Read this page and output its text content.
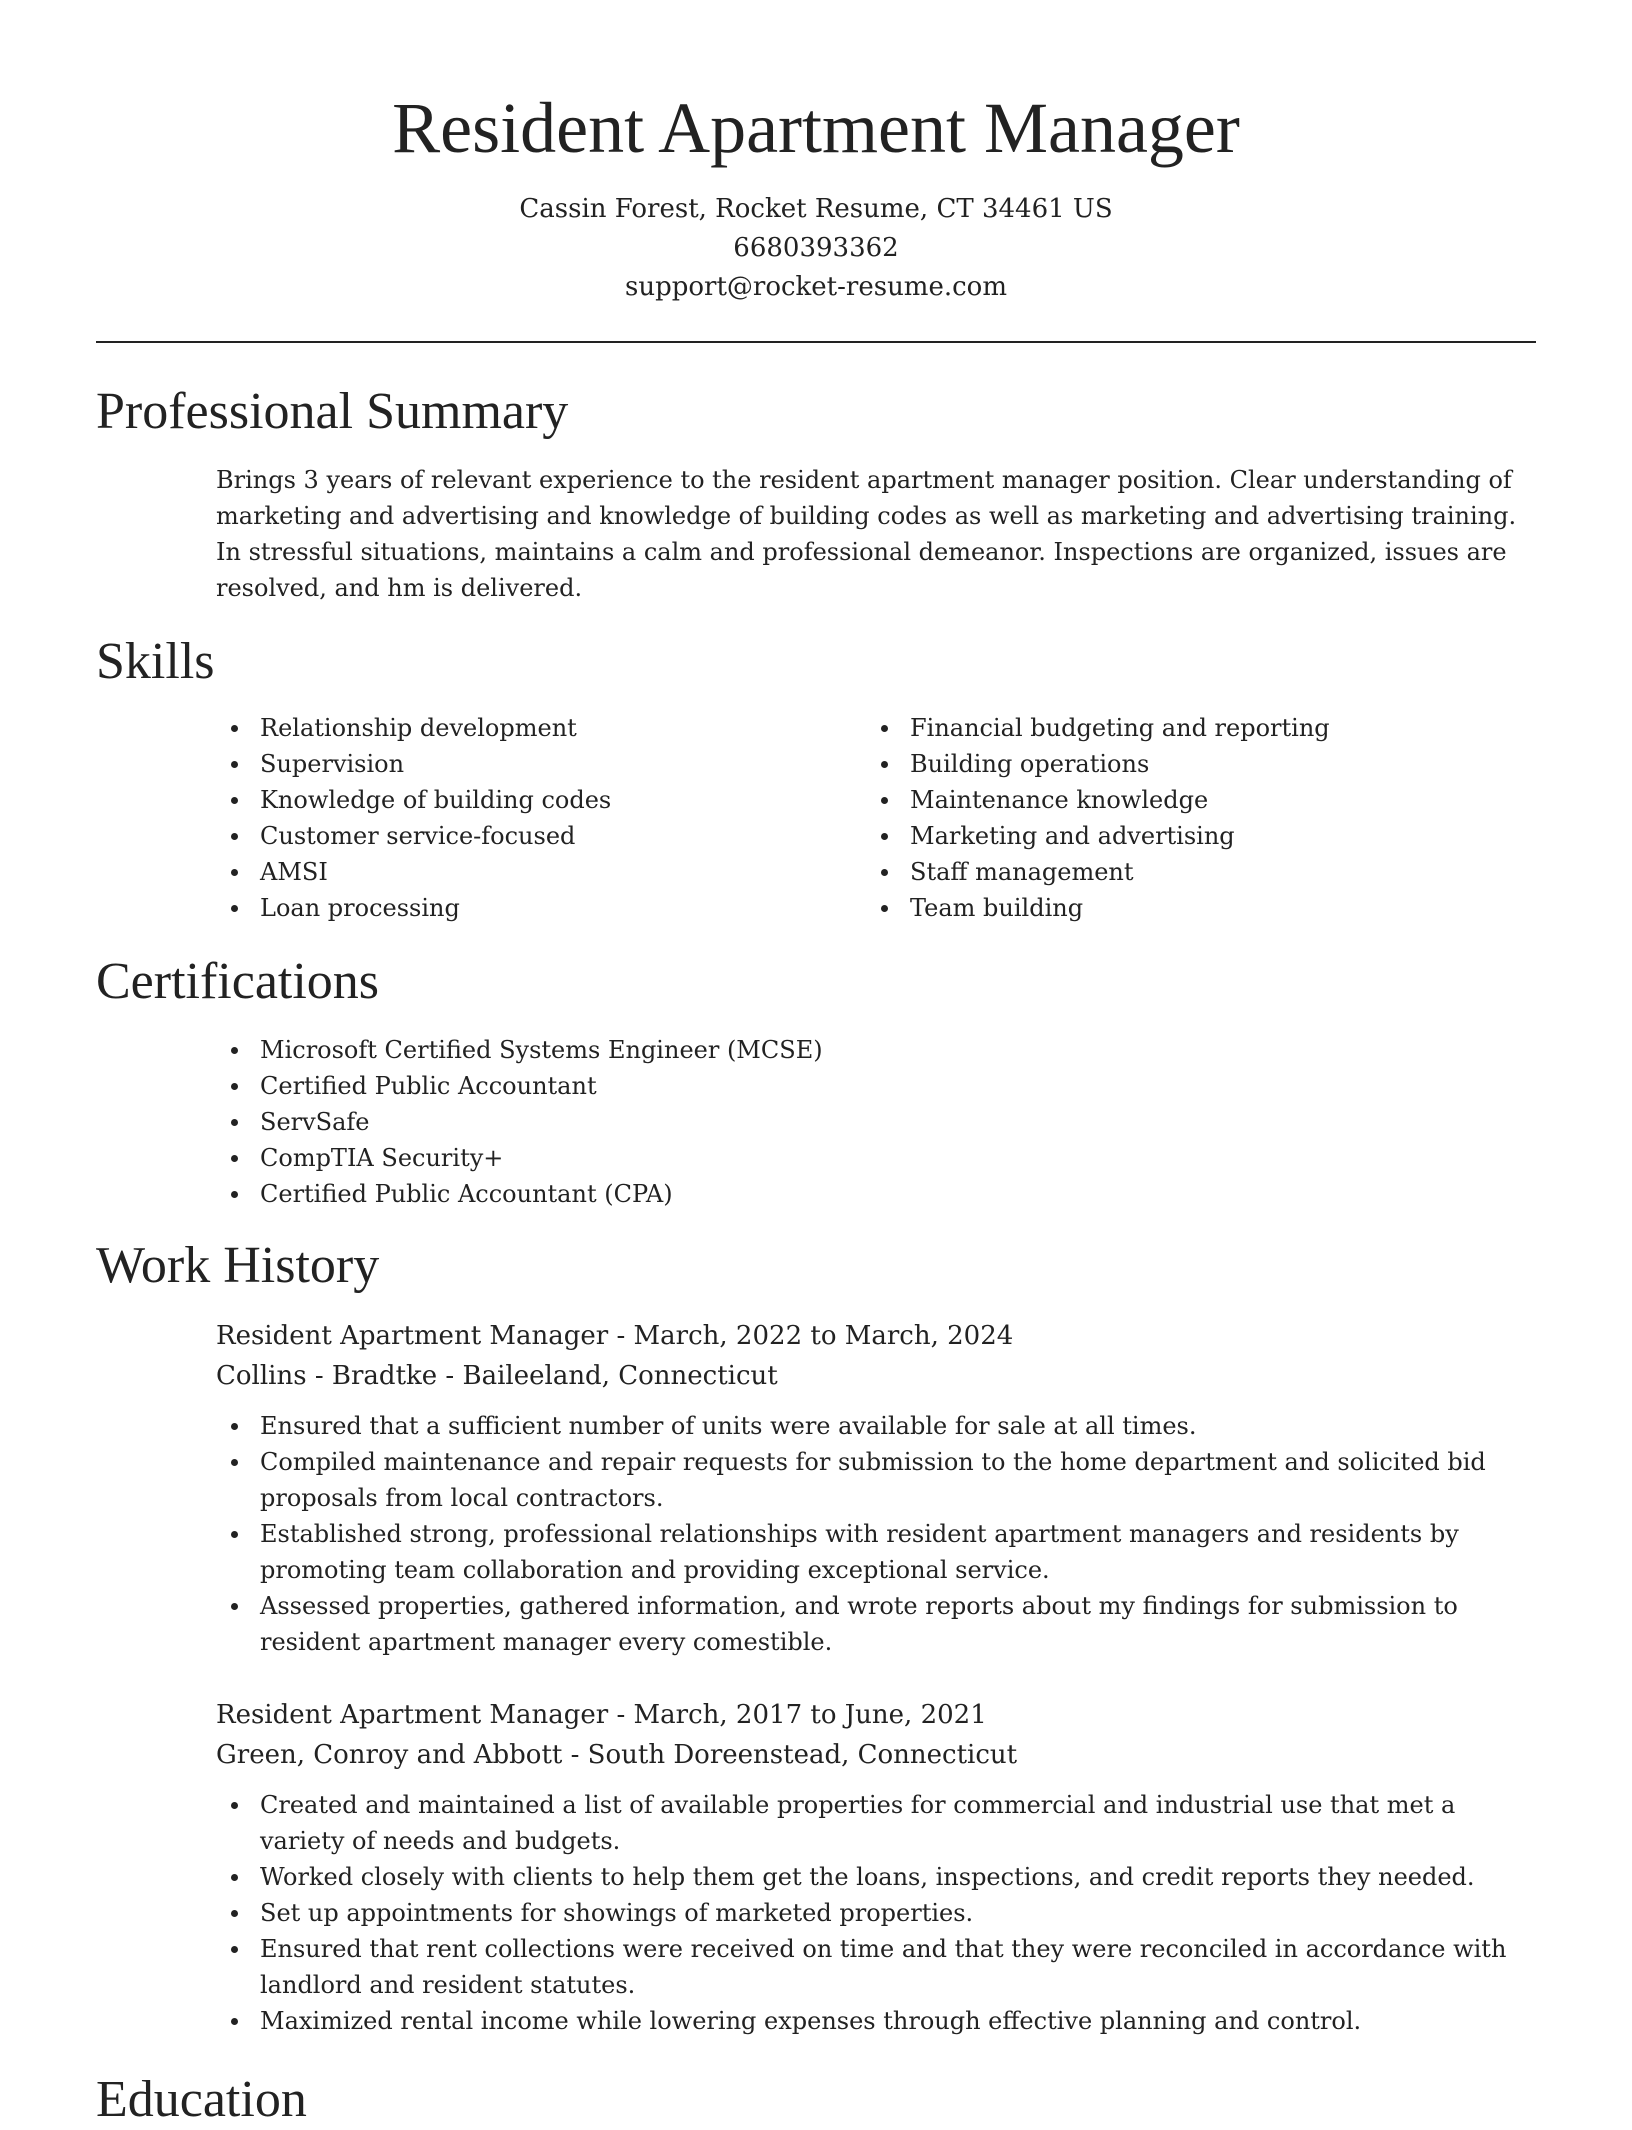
Resident Apartment Manager
Cassin Forest, Rocket Resume, CT 34461 US
6680393362
support@rocket-resume.com
Professional Summary

Brings 3 years of relevant experience to the resident apartment manager position. Clear understanding of marketing and advertising and knowledge of building codes as well as marketing and advertising training. In stressful situations, maintains a calm and professional demeanor. Inspections are organized, issues are resolved, and hm is delivered.

Skills
Relationship development
Supervision
Knowledge of building codes
Customer service-focused
AMSI
Loan processing
Financial budgeting and reporting
Building operations
Maintenance knowledge
Marketing and advertising
Staff management
Team building
Certifications
Microsoft Certified Systems Engineer (MCSE)
Certified Public Accountant
ServSafe
CompTIA Security+
Certified Public Accountant (CPA)
Work History
Resident Apartment Manager - March, 2022 to March, 2024
Collins - Bradtke - Baileeland, Connecticut
Ensured that a sufficient number of units were available for sale at all times.
Compiled maintenance and repair requests for submission to the home department and solicited bid proposals from local contractors.
Established strong, professional relationships with resident apartment managers and residents by promoting team collaboration and providing exceptional service.
Assessed properties, gathered information, and wrote reports about my findings for submission to resident apartment manager every comestible.
Resident Apartment Manager - March, 2017 to June, 2021
Green, Conroy and Abbott - South Doreenstead, Connecticut
Created and maintained a list of available properties for commercial and industrial use that met a variety of needs and budgets.
Worked closely with clients to help them get the loans, inspections, and credit reports they needed.
Set up appointments for showings of marketed properties.
Ensured that rent collections were received on time and that they were reconciled in accordance with landlord and resident statutes.
Maximized rental income while lowering expenses through effective planning and control.
Education
